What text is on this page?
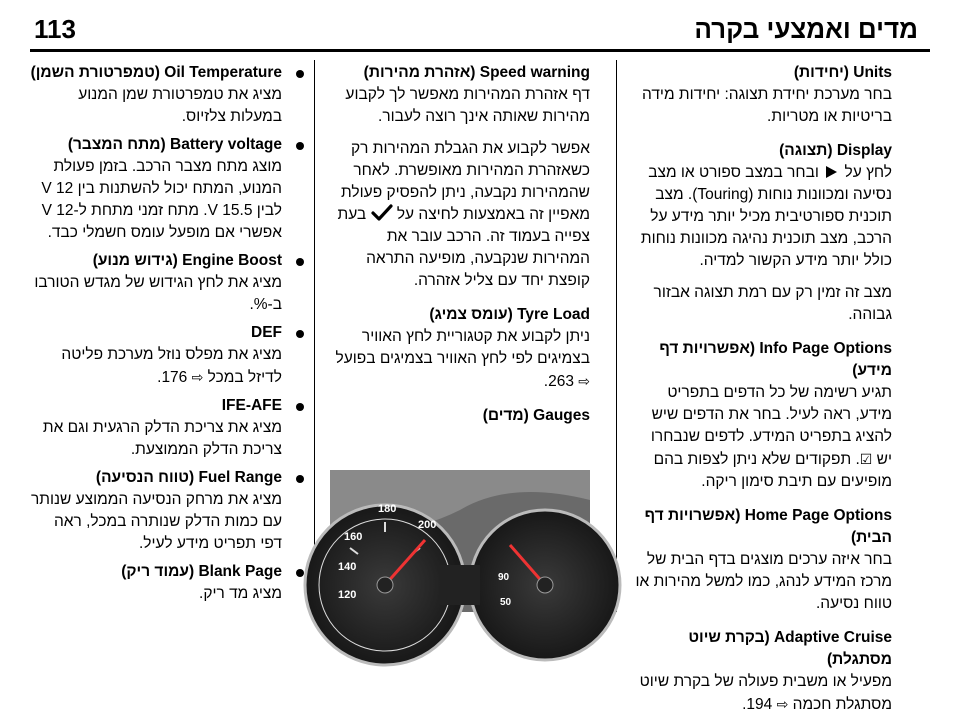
113	מדים ואמצעי בקרה
Units (יחידות)
בחר מערכת יחידת תצוגה: יחידות מידה בריטיות או מטריות.
Display (תצוגה)
לחץ על  ובחר במצב ספורט או מצב נסיעה ומכוונות נוחות (Touring). מצב תוכנית ספורטיבית מכיל יותר מידע על הרכב, מצב תוכנית נהיגה מכוונות נוחות כולל יותר מידע הקשור למדיה.
מצב זה זמין רק עם רמת תצוגה אבזור גבוהה.
Info Page Options (אפשרויות דף מידע)
תגיע רשימה של כל הדפים בתפריט מידע, ראה לעיל. בחר את הדפים שיש להציג בתפריט המידע. לדפים שנבחרו יש ☑. תפקודים שלא ניתן לצפות בהם מופיעים עם תיבת סימון ריקה.
Home Page Options (אפשרויות דף הבית)
בחר איזה ערכים מוצגים בדף הבית של מרכז המידע לנהג, כמו למשל מהירות או טווח נסיעה.
Adaptive Cruise (בקרת שיוט מסתגלת)
מפעיל או משבית פעולה של בקרת שיוט מסתגלת חכמה ⇨ 194.
Speed warning (אזהרת מהירות)
דף אזהרת המהירות מאפשר לך לקבוע מהירות שאותה אינך רוצה לעבור.
אפשר לקבוע את הגבלת המהירות רק כשאזהרת המהירות מאופשרת. לאחר שהמהירות נקבעה, ניתן להפסיק פעולת מאפיין זה באמצעות לחיצה על  בעת צפייה בעמוד זה. הרכב עובר את המהירות שנקבעה, מופיעה התראה קופצת יחד עם צליל אזהרה.
Tyre Load (עומס צמיג)
ניתן לקבוע את קטגוריית לחץ האוויר בצמיגים לפי לחץ האוויר בצמיגים בפועל ⇨ 263.
Gauges (מדים)
160
180
200
140
120
90
50
Oil Temperature (טמפרטורת השמן)
מציג את טמפרטורת שמן המנוע במעלות צלזיוס.
Battery voltage (מתח המצבר)
מוצג מתח מצבר הרכב. בזמן פעולת המנוע, המתח יכול להשתנות בין 12 V לבין 15.5 V. מתח זמני מתחת ל-12 V אפשרי אם מופעל עומס חשמלי כבד.
Engine Boost (גידוש מנוע)
מציג את לחץ הגידוש של מגדש הטורבו ב-%.
DEF
מציג את מפלס נוזל מערכת פליטה לדיזל במכל ⇨ 176.
IFE-AFE
מציג את צריכת הדלק הרגעית וגם את צריכת הדלק הממוצעת.
Fuel Range (טווח הנסיעה)
מציג את מרחק הנסיעה הממוצע שנותר עם כמות הדלק שנותרה במכל, ראה דפי תפריט מידע לעיל.
Blank Page (עמוד ריק)
מציג מד ריק.
